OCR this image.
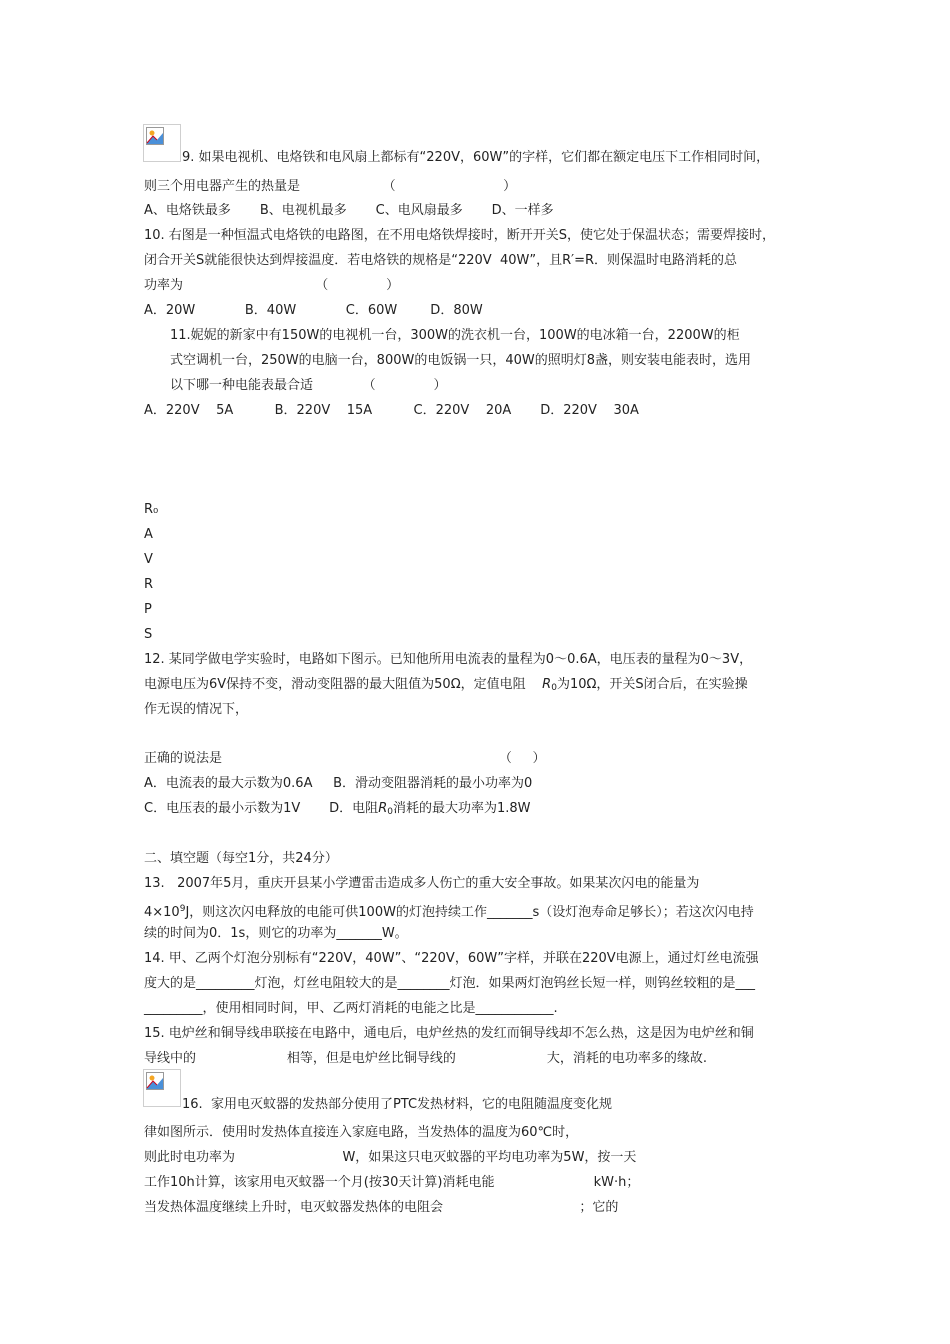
9. 如果电视机、电烙铁和电风扇上都标有“220V，60W”的字样，它们都在额定电压下工作相同时间，
则三个用电器产生的热量是                    （                          ）
A、电烙铁最多       B、电视机最多       C、电风扇最多       D、一样多
10. 右图是一种恒温式电烙铁的电路图，在不用电烙铁焊接时，断开开关S，使它处于保温状态；需要焊接时，
闭合开关S就能很快达到焊接温度．若电烙铁的规格是“220V  40W”，且R′=R．则保温时电路消耗的总
功率为                                （              ）
A．20W            B．40W            C．60W        D．80W
11.妮妮的新家中有150W的电视机一台，300W的洗衣机一台，100W的电冰箱一台，2200W的柜
式空调机一台，250W的电脑一台，800W的电饭锅一只，40W的照明灯8盏，则安装电能表时，选用
以下哪一种电能表最合适            （              ）
A．220V    5A          B．220V    15A          C．220V    20A       D．220V    30A
R₀
A
V
R
P
S
12. 某同学做电学实验时，电路如下图示。已知他所用电流表的量程为0～0.6A，电压表的量程为0～3V，
电源电压为6V保持不变，滑动变阻器的最大阻值为50Ω，定值电阻    $R_0$为10Ω，开关S闭合后，在实验操
作无误的情况下，
正确的说法是                                                                   （     ）
A．电流表的最大示数为0.6A     B．滑动变阻器消耗的最小功率为0
C．电压表的最小示数为1V       D．电阻$R_0$消耗的最大功率为1.8W
二、填空题（每空1分，共24分）
13.   2007年5月，重庆开县某小学遭雷击造成多人伤亡的重大安全事故。如果某次闪电的能量为
$4\times 10^9J$，则这次闪电释放的电能可供100W的灯泡持续工作_______s（设灯泡寿命足够长）；若这次闪电持
续的时间为0．1s，则它的功率为_______W。
14. 甲、乙两个灯泡分别标有“220V，40W”、“220V，60W”字样，并联在220V电源上，通过灯丝电流强
度大的是_________灯泡，灯丝电阻较大的是________灯泡．如果两灯泡钨丝长短一样，则钨丝较粗的是___
_________，使用相同时间，甲、乙两灯消耗的电能之比是____________.
15. 电炉丝和铜导线串联接在电路中，通电后，电炉丝热的发红而铜导线却不怎么热，这是因为电炉丝和铜
导线中的                      相等，但是电炉丝比铜导线的                      大，消耗的电功率多的缘故.
16.  家用电灭蚊器的发热部分使用了PTC发热材料，它的电阻随温度变化规
律如图所示．使用时发热体直接连入家庭电路，当发热体的温度为60℃时，
则此时电功率为                          W，如果这只电灭蚊器的平均电功率为5W，按一天
工作10h计算，该家用电灭蚊器一个月(按30天计算)消耗电能                        kW·h；
当发热体温度继续上升时，电灭蚊器发热体的电阻会                                 ；它的
